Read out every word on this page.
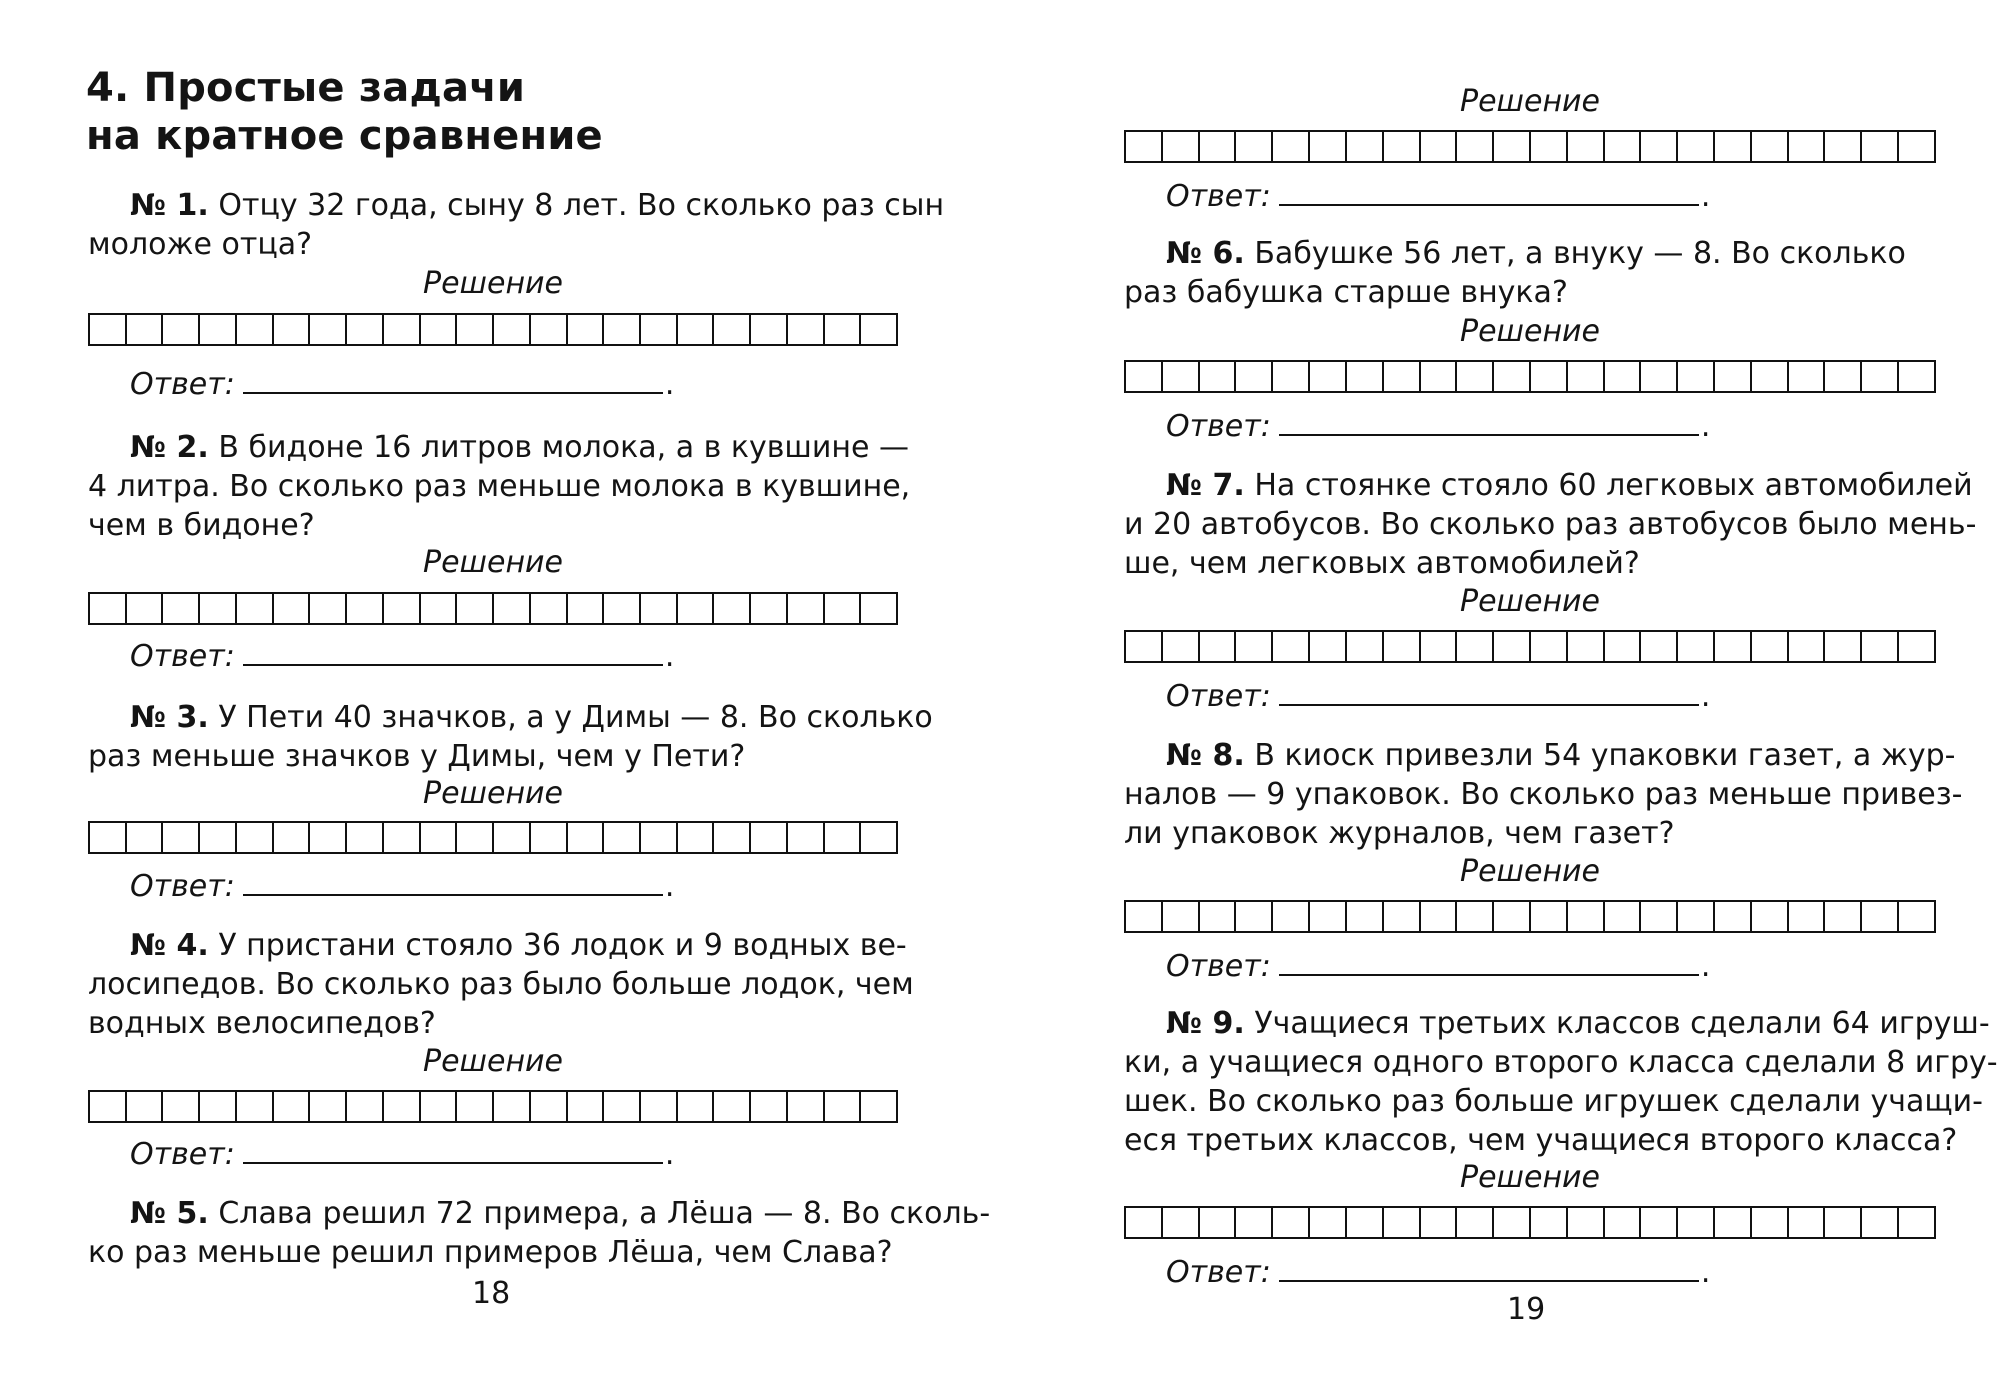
4. Простые задачи
на кратное сравнение
№ 1. Отцу 32 года, сыну 8 лет. Во сколько раз сын
моложе отца?
Решение
Ответ:	.
№ 2. В бидоне 16 литров молока, а в кувшине —
4 литра. Во сколько раз меньше молока в кувшине,
чем в бидоне?
Решение
Ответ:	.
№ 3. У Пети 40 значков, а у Димы — 8. Во сколько
раз меньше значков у Димы, чем у Пети?
Решение
Ответ:	.
№ 4. У пристани стояло 36 лодок и 9 водных ве-
лосипедов. Во сколько раз было больше лодок, чем
водных велосипедов?
Решение
Ответ:	.
№ 5. Слава решил 72 примера, а Лёша — 8. Во сколь-
ко раз меньше решил примеров Лёша, чем Слава?
18
Решение
Ответ:	.
№ 6. Бабушке 56 лет, а внуку — 8. Во сколько
раз бабушка старше внука?
Решение
Ответ:	.
№ 7. На стоянке стояло 60 легковых автомобилей
и 20 автобусов. Во сколько раз автобусов было мень-
ше, чем легковых автомобилей?
Решение
Ответ:	.
№ 8. В киоск привезли 54 упаковки газет, а жур-
налов — 9 упаковок. Во сколько раз меньше привез-
ли упаковок журналов, чем газет?
Решение
Ответ:	.
№ 9. Учащиеся третьих классов сделали 64 игруш-
ки, а учащиеся одного второго класса сделали 8 игру-
шек. Во сколько раз больше игрушек сделали учащи-
еся третьих классов, чем учащиеся второго класса?
Решение
Ответ:	.
19
